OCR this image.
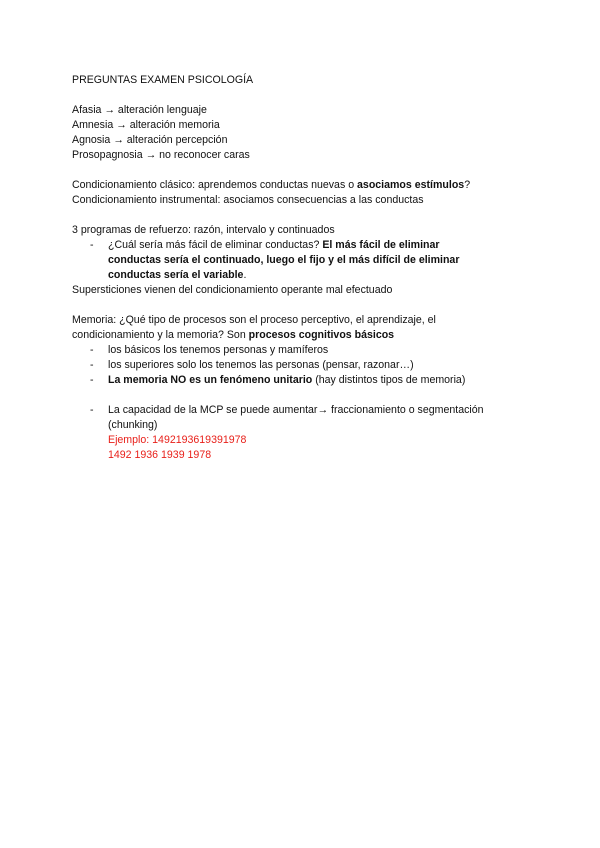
PREGUNTAS EXAMEN PSICOLOGÍA
Afasia → alteración lenguaje
Amnesia → alteración memoria
Agnosia → alteración percepción
Prosopagnosia → no reconocer caras
Condicionamiento clásico: aprendemos conductas nuevas o asociamos estímulos?
Condicionamiento instrumental: asociamos consecuencias a las conductas
3 programas de refuerzo: razón, intervalo y continuados
- ¿Cuál sería más fácil de eliminar conductas? El más fácil de eliminar
conductas sería el continuado, luego el fijo y el más difícil de eliminar
conductas sería el variable.
Supersticiones vienen del condicionamiento operante mal efectuado
Memoria: ¿Qué tipo de procesos son el proceso perceptivo, el aprendizaje, el
condicionamiento y la memoria? Son procesos cognitivos básicos
- los básicos los tenemos personas y mamíferos
- los superiores solo los tenemos las personas (pensar, razonar…)
- La memoria NO es un fenómeno unitario (hay distintos tipos de memoria)
- La capacidad de la MCP se puede aumentar→ fraccionamiento o segmentación
(chunking)
Ejemplo: 1492193619391978
1492 1936 1939 1978
